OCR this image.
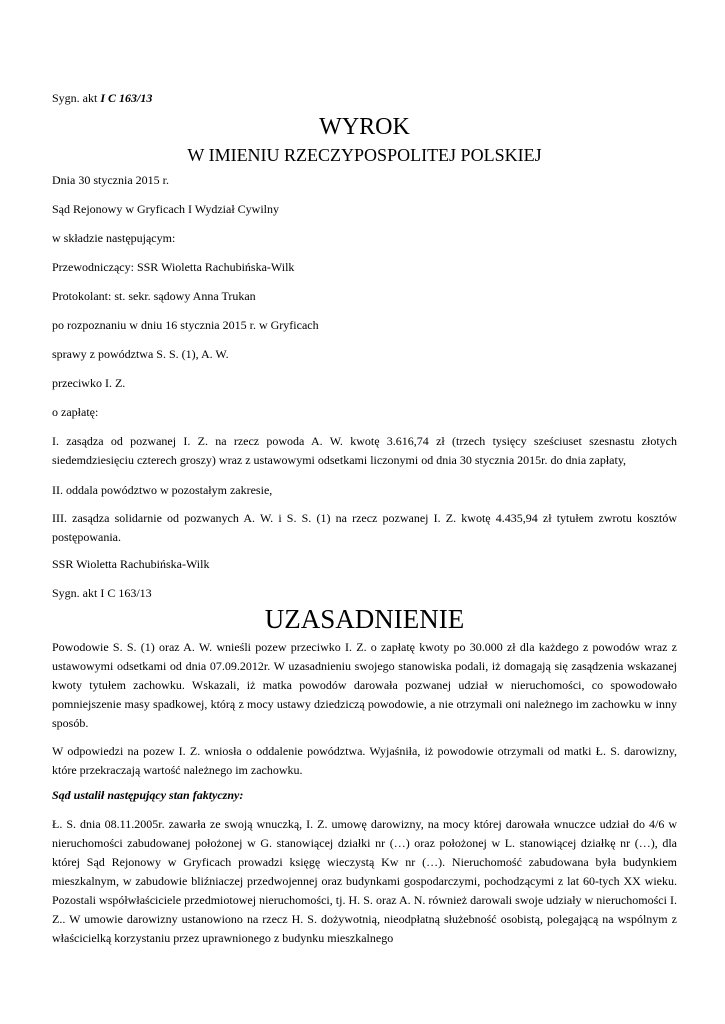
Sygn. akt I C 163/13
WYROK
W IMIENIU RZECZYPOSPOLITEJ POLSKIEJ

Dnia 30 stycznia 2015 r.

Sąd Rejonowy w Gryficach I Wydział Cywilny

w składzie następującym:

Przewodniczący: SSR Wioletta Rachubińska-Wilk

Protokolant: st. sekr. sądowy Anna Trukan

po rozpoznaniu w dniu 16 stycznia 2015 r. w Gryficach

sprawy z powództwa S. S. (1), A. W.

przeciwko I. Z.

o zapłatę:

I. zasądza od pozwanej I. Z. na rzecz powoda A. W. kwotę 3.616,74 zł (trzech tysięcy sześciuset szesnastu złotych siedemdziesięciu czterech groszy) wraz z ustawowymi odsetkami liczonymi od dnia 30 stycznia 2015r. do dnia zapłaty,

II. oddala powództwo w pozostałym zakresie,

III. zasądza solidarnie od pozwanych A. W. i S. S. (1) na rzecz pozwanej I. Z. kwotę 4.435,94 zł tytułem zwrotu kosztów postępowania.

SSR Wioletta Rachubińska-Wilk

Sygn. akt I C 163/13

UZASADNIENIE

Powodowie S. S. (1) oraz A. W. wnieśli pozew przeciwko I. Z. o zapłatę kwoty po 30.000 zł dla każdego z powodów wraz z ustawowymi odsetkami od dnia 07.09.2012r. W uzasadnieniu swojego stanowiska podali, iż domagają się zasądzenia wskazanej kwoty tytułem zachowku. Wskazali, iż matka powodów darowała pozwanej udział w nieruchomości, co spowodowało pomniejszenie masy spadkowej, którą z mocy ustawy dziedziczą powodowie, a nie otrzymali oni należnego im zachowku w inny sposób.

W odpowiedzi na pozew I. Z. wniosła o oddalenie powództwa. Wyjaśniła, iż powodowie otrzymali od matki Ł. S. darowizny, które przekraczają wartość należnego im zachowku.

Sąd ustalił następujący stan faktyczny:

Ł. S. dnia 08.11.2005r. zawarła ze swoją wnuczką, I. Z. umowę darowizny, na mocy której darowała wnuczce udział do 4/6 w nieruchomości zabudowanej położonej w G. stanowiącej działki nr (…) oraz położonej w L. stanowiącej działkę nr (…), dla której Sąd Rejonowy w Gryficach prowadzi księgę wieczystą Kw nr (…). Nieruchomość zabudowana była budynkiem mieszkalnym, w zabudowie bliźniaczej przedwojennej oraz budynkami gospodarczymi, pochodzącymi z lat 60-tych XX wieku. Pozostali współwłaściciele przedmiotowej nieruchomości, tj. H. S. oraz A. N. również darowali swoje udziały w nieruchomości I. Z.. W umowie darowizny ustanowiono na rzecz H. S. dożywotnią, nieodpłatną służebność osobistą, polegającą na wspólnym z właścicielką korzystaniu przez uprawnionego z budynku mieszkalnego
